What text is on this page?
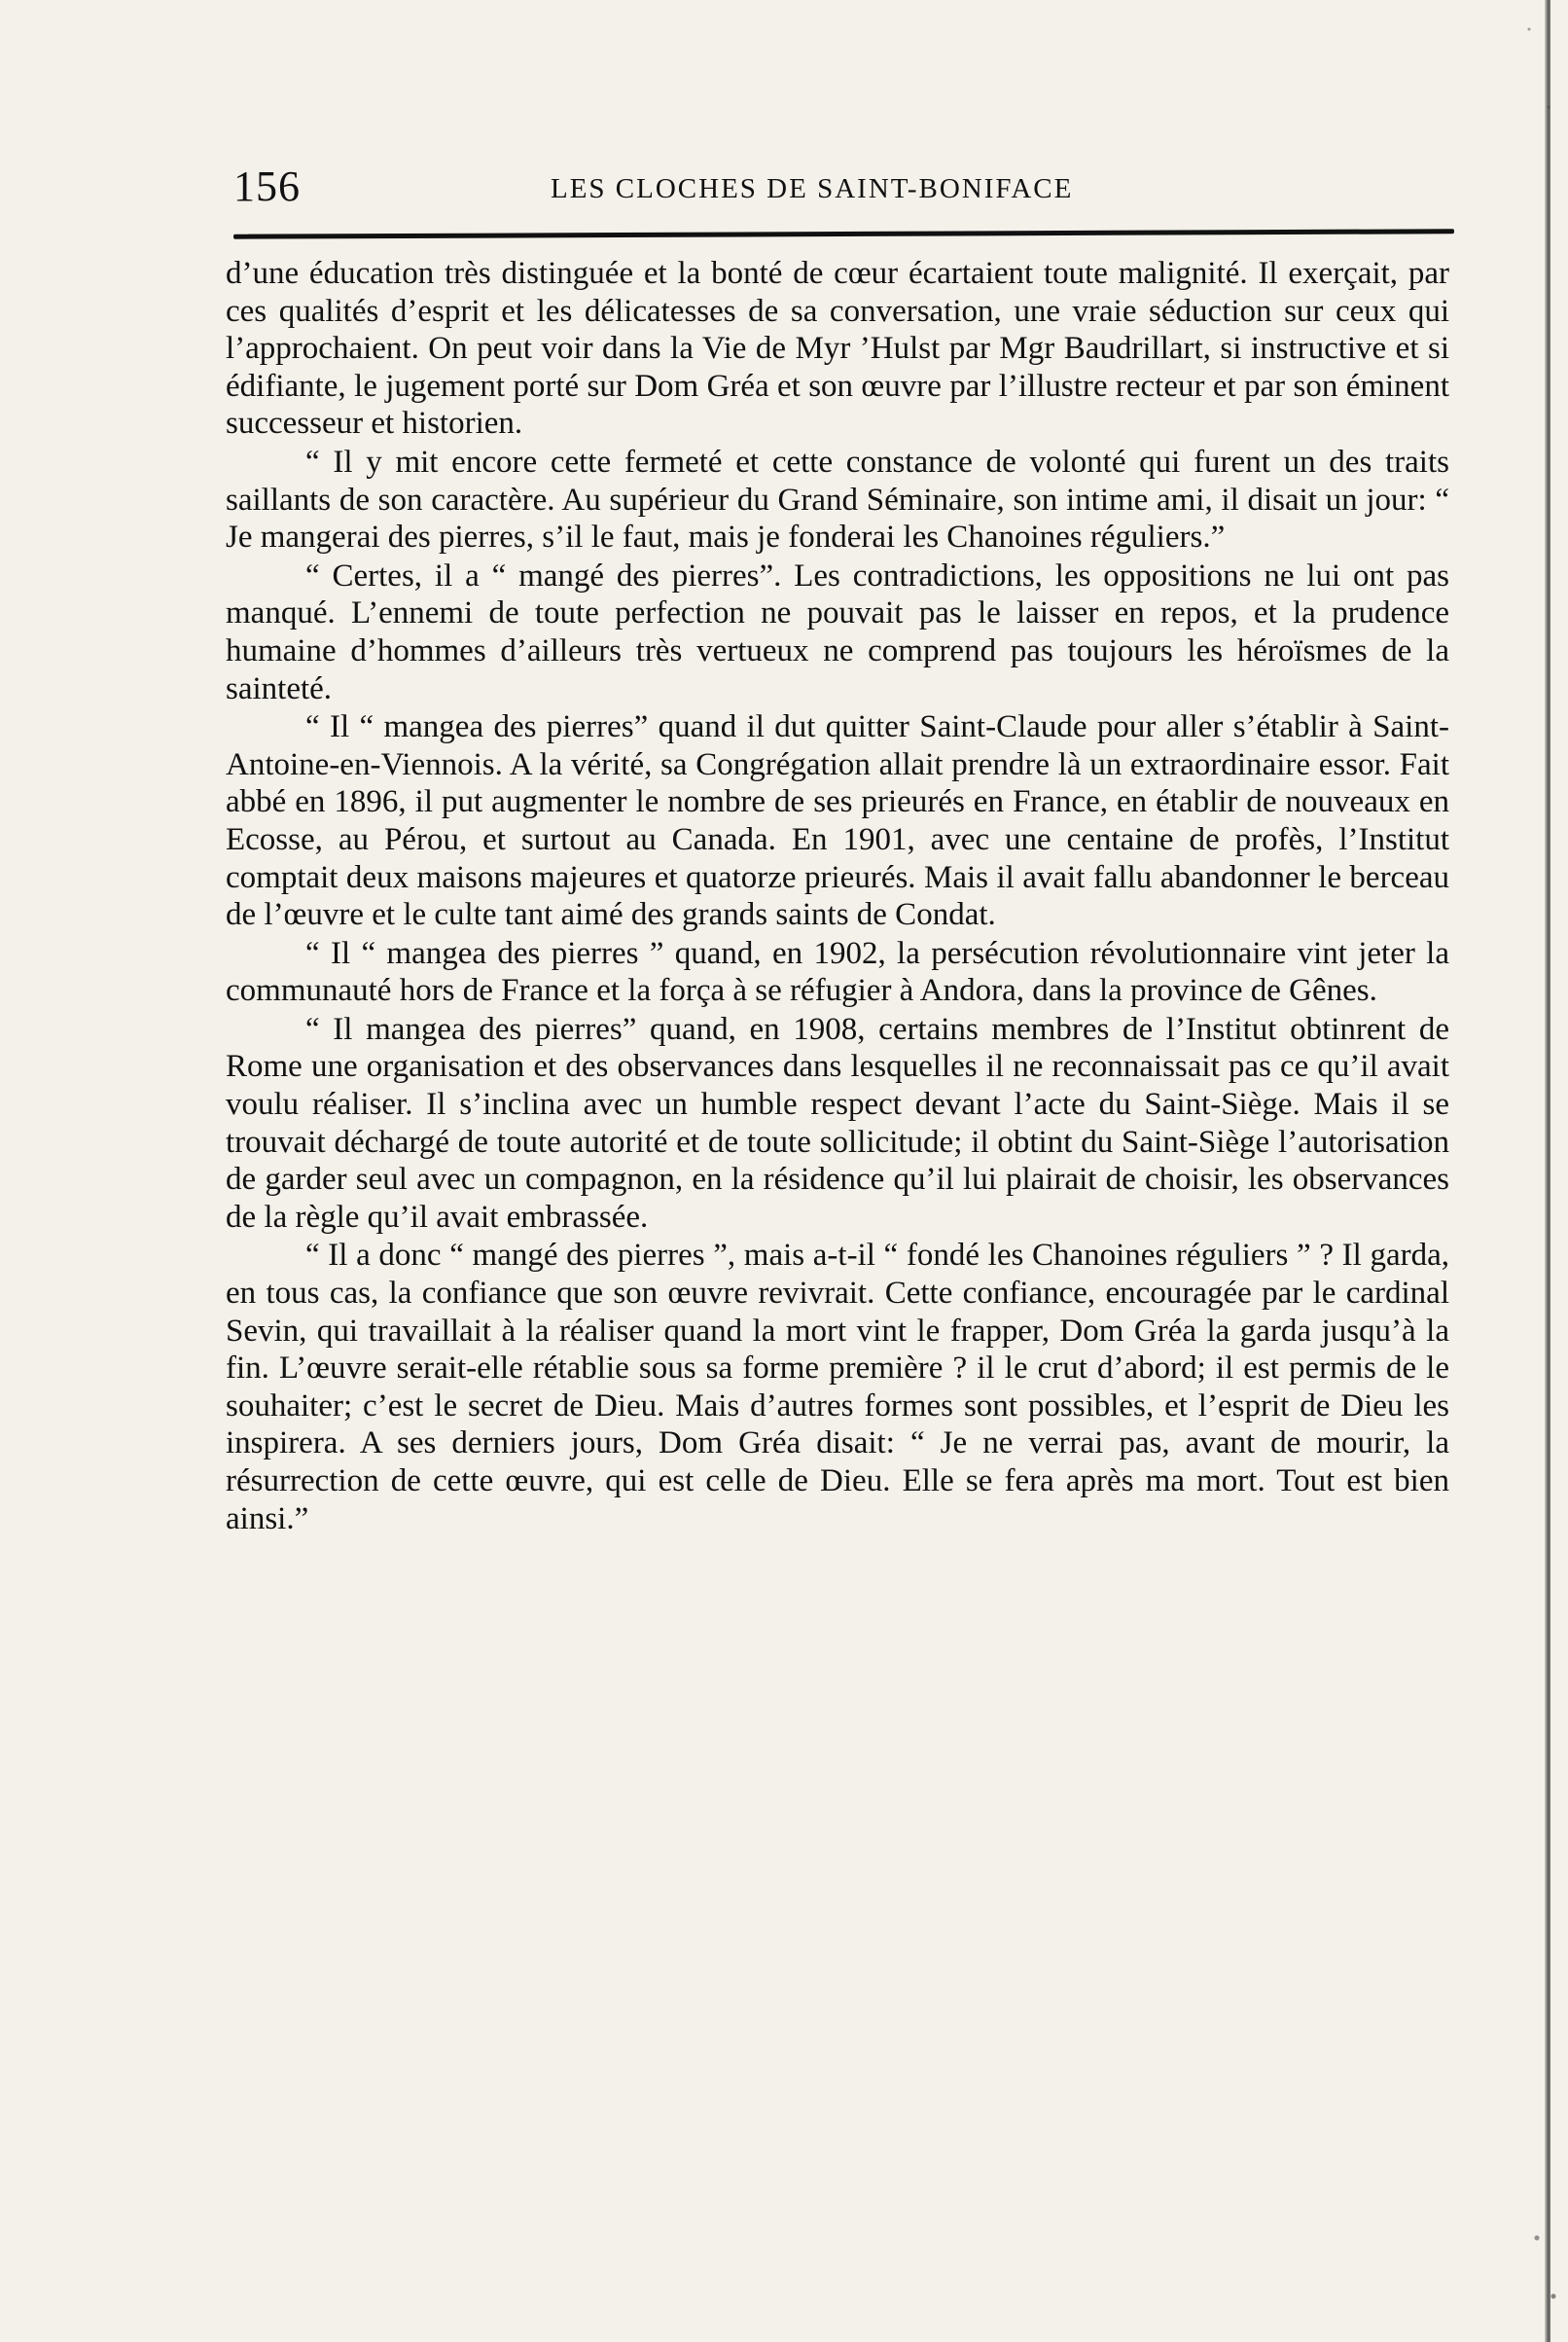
156	LES CLOCHES DE SAINT-BONIFACE

d’une éducation très distinguée et la bonté de cœur écartaient toute malignité. Il exerçait, par ces qualités d’esprit et les délicatesses de sa conversation, une vraie séduction sur ceux qui l’approchaient. On peut voir dans la Vie de Myr ’Hulst par Mgr Baudrillart, si instructive et si édifiante, le jugement porté sur Dom Gréa et son œuvre par l’illustre recteur et par son éminent successeur et historien.

“ Il y mit encore cette fermeté et cette constance de volonté qui furent un des traits saillants de son caractère. Au supérieur du Grand Séminaire, son intime ami, il disait un jour: “ Je mangerai des pierres, s’il le faut, mais je fonderai les Chanoines réguliers.”

“ Certes, il a “ mangé des pierres”. Les contradictions, les oppositions ne lui ont pas manqué. L’ennemi de toute perfection ne pouvait pas le laisser en repos, et la prudence humaine d’hommes d’ailleurs très vertueux ne comprend pas toujours les héroïsmes de la sainteté.

“ Il “ mangea des pierres” quand il dut quitter Saint-Claude pour aller s’établir à Saint-Antoine-en-Viennois. A la vérité, sa Congrégation allait prendre là un extraordinaire essor. Fait abbé en 1896, il put augmenter le nombre de ses prieurés en France, en établir de nouveaux en Ecosse, au Pérou, et surtout au Canada. En 1901, avec une centaine de profès, l’Institut comptait deux maisons majeures et quatorze prieurés. Mais il avait fallu abandonner le berceau de l’œuvre et le culte tant aimé des grands saints de Condat.

“ Il “ mangea des pierres ” quand, en 1902, la persécution révolutionnaire vint jeter la communauté hors de France et la força à se réfugier à Andora, dans la province de Gênes.

“ Il mangea des pierres” quand, en 1908, certains membres de l’Institut obtinrent de Rome une organisation et des observances dans lesquelles il ne reconnaissait pas ce qu’il avait voulu réaliser. Il s’inclina avec un humble respect devant l’acte du Saint-Siège. Mais il se trouvait déchargé de toute autorité et de toute sollicitude; il obtint du Saint-Siège l’autorisation de garder seul avec un compagnon, en la résidence qu’il lui plairait de choisir, les observances de la règle qu’il avait embrassée.

“ Il a donc “ mangé des pierres ”, mais a-t-il “ fondé les Chanoines réguliers ” ? Il garda, en tous cas, la confiance que son œuvre revivrait. Cette confiance, encouragée par le cardinal Sevin, qui travaillait à la réaliser quand la mort vint le frapper, Dom Gréa la garda jusqu’à la fin. L’œuvre serait-elle rétablie sous sa forme première ? il le crut d’abord; il est permis de le souhaiter; c’est le secret de Dieu. Mais d’autres formes sont possibles, et l’esprit de Dieu les inspirera. A ses derniers jours, Dom Gréa disait: “ Je ne verrai pas, avant de mourir, la résurrection de cette œuvre, qui est celle de Dieu. Elle se fera après ma mort. Tout est bien ainsi.”
